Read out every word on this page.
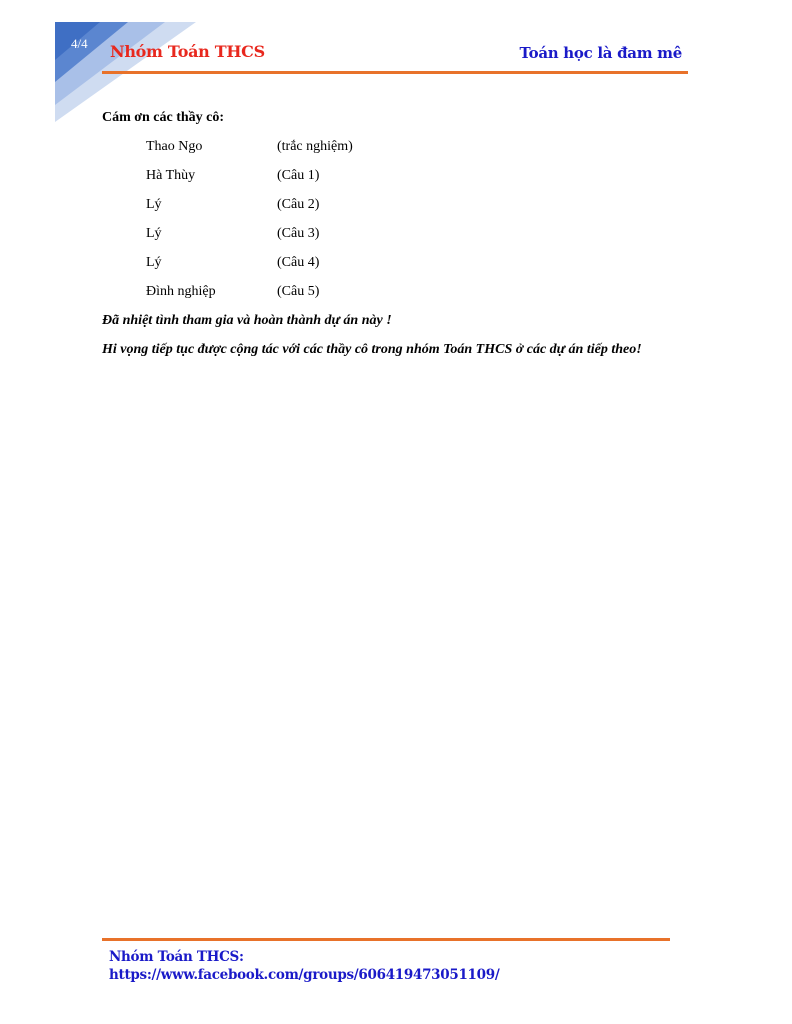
4/4 Nhóm Toán THCS	Toán học là đam mê
Cám ơn các thầy cô:
Thao Ngo	(trắc nghiệm)
Hà Thùy	(Câu 1)
Lý	(Câu 2)
Lý	(Câu 3)
Lý	(Câu 4)
Đình nghiệp	(Câu 5)
Đã nhiệt tình tham gia và hoàn thành dự án này !
Hi vọng tiếp tục được cộng tác với các thầy cô trong nhóm Toán THCS ở các dự án tiếp theo!
Nhóm Toán THCS:
https://www.facebook.com/groups/606419473051109/
